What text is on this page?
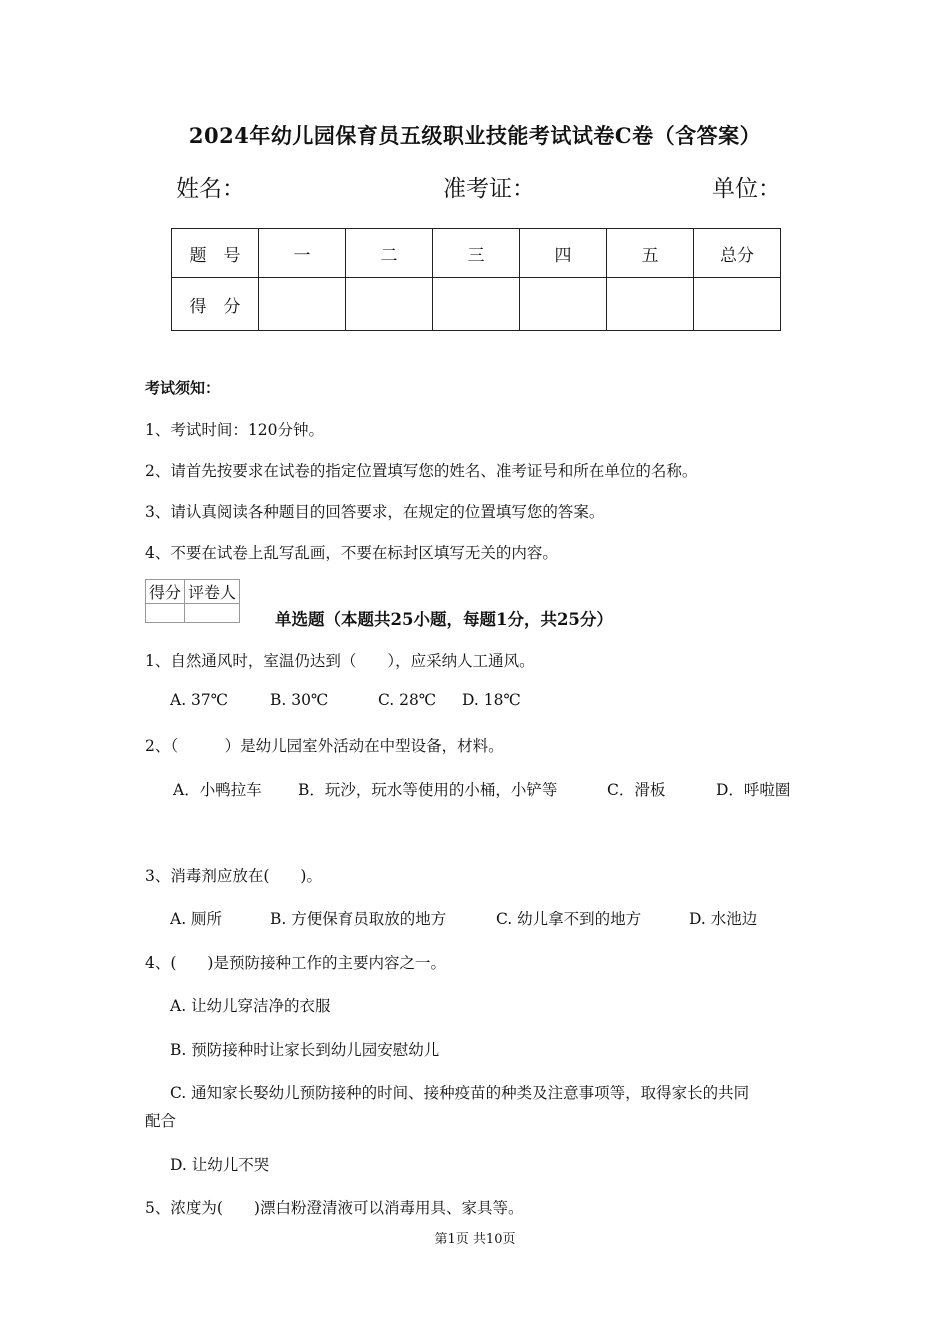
2024年幼儿园保育员五级职业技能考试试卷C卷（含答案）
姓名：	准考证：	单位：
题　号	一	二	三	四	五	总分
得　分						
考试须知：
1、考试时间：120分钟。
2、请首先按要求在试卷的指定位置填写您的姓名、准考证号和所在单位的名称。
3、请认真阅读各种题目的回答要求，在规定的位置填写您的答案。
4、不要在试卷上乱写乱画，不要在标封区填写无关的内容。
得分	评卷人

单选题（本题共25小题，每题1分，共25分）
1、自然通风时，室温仍达到（　　），应采纳人工通风。
A. 37℃	B. 30℃	C. 28℃ D. 18℃
2、（　　　）是幼儿园室外活动在中型设备，材料。
A．小鸭拉车 B．玩沙，玩水等使用的小桶，小铲等	C．滑板	D．呼啦圈
3、消毒剂应放在(　　)。
A. 厕所	B. 方便保育员取放的地方	C. 幼儿拿不到的地方	D. 水池边
4、(　　)是预防接种工作的主要内容之一。
A. 让幼儿穿洁净的衣服
B. 预防接种时让家长到幼儿园安慰幼儿
C. 通知家长娶幼儿预防接种的时间、接种疫苗的种类及注意事项等，取得家长的共同
配合
D. 让幼儿不哭
5、浓度为(　　)漂白粉澄清液可以消毒用具、家具等。
第1页 共10页
